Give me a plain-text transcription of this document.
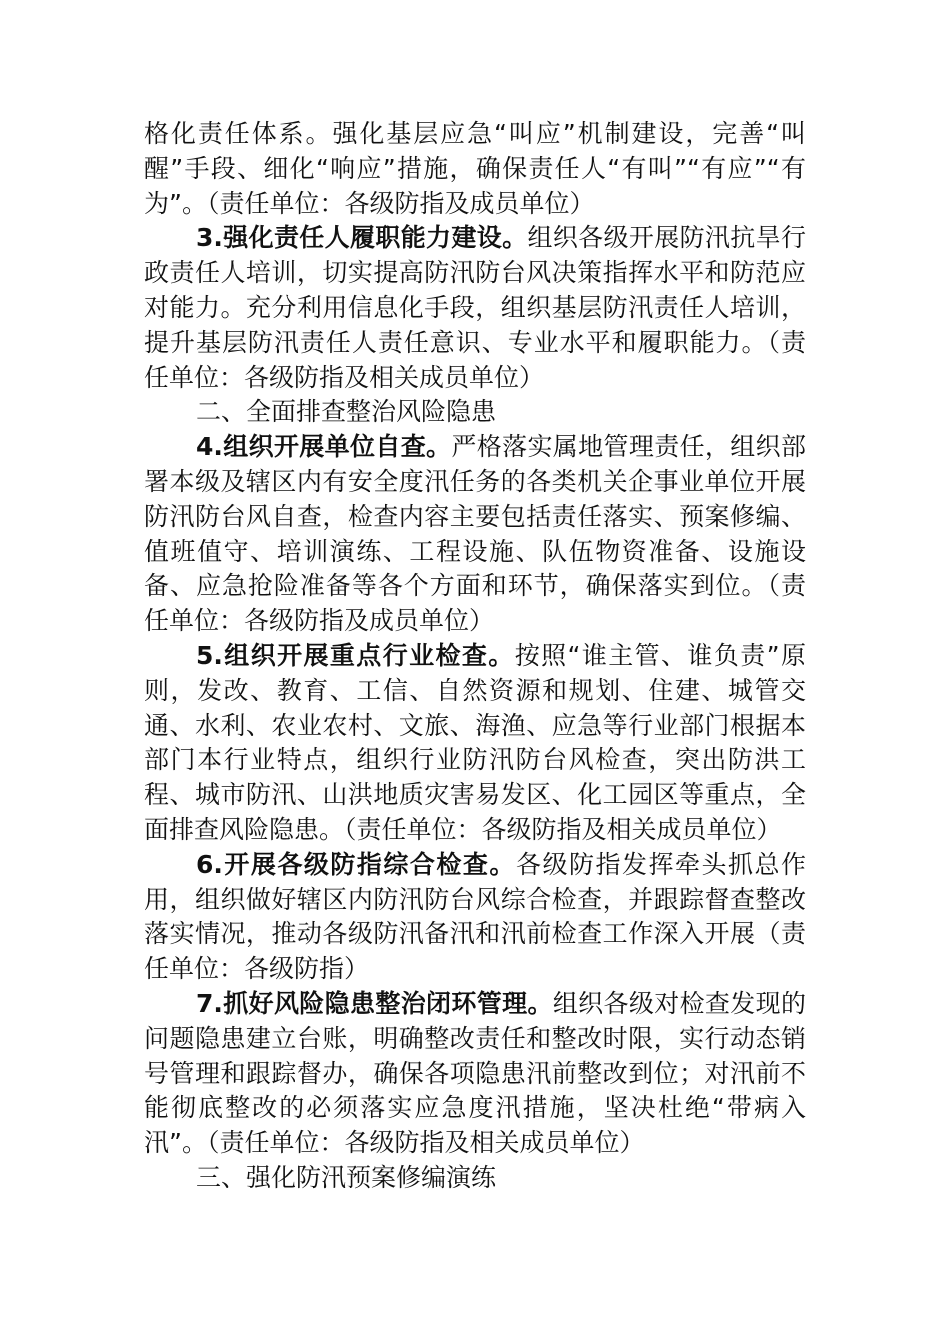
格化责任体系。强化基层应急“叫应”机制建设，完善“叫醒”手段、细化“响应”措施，确保责任人“有叫”“有应”“有为”。（责任单位：各级防指及成员单位）

3.强化责任人履职能力建设。组织各级开展防汛抗旱行政责任人培训，切实提高防汛防台风决策指挥水平和防范应对能力。充分利用信息化手段，组织基层防汛责任人培训，提升基层防汛责任人责任意识、专业水平和履职能力。（责任单位：各级防指及相关成员单位）

二、全面排查整治风险隐患

4.组织开展单位自查。严格落实属地管理责任，组织部署本级及辖区内有安全度汛任务的各类机关企事业单位开展防汛防台风自查，检查内容主要包括责任落实、预案修编、值班值守、培训演练、工程设施、队伍物资准备、设施设备、应急抢险准备等各个方面和环节，确保落实到位。（责任单位：各级防指及成员单位）

5.组织开展重点行业检查。按照“谁主管、谁负责”原则，发改、教育、工信、自然资源和规划、住建、城管交通、水利、农业农村、文旅、海渔、应急等行业部门根据本部门本行业特点，组织行业防汛防台风检查，突出防洪工程、城市防汛、山洪地质灾害易发区、化工园区等重点，全面排查风险隐患。（责任单位：各级防指及相关成员单位）

6.开展各级防指综合检查。各级防指发挥牵头抓总作用，组织做好辖区内防汛防台风综合检查，并跟踪督查整改落实情况，推动各级防汛备汛和汛前检查工作深入开展（责任单位：各级防指）

7.抓好风险隐患整治闭环管理。组织各级对检查发现的问题隐患建立台账，明确整改责任和整改时限，实行动态销号管理和跟踪督办，确保各项隐患汛前整改到位；对汛前不能彻底整改的必须落实应急度汛措施，坚决杜绝“带病入汛”。（责任单位：各级防指及相关成员单位）

三、强化防汛预案修编演练
